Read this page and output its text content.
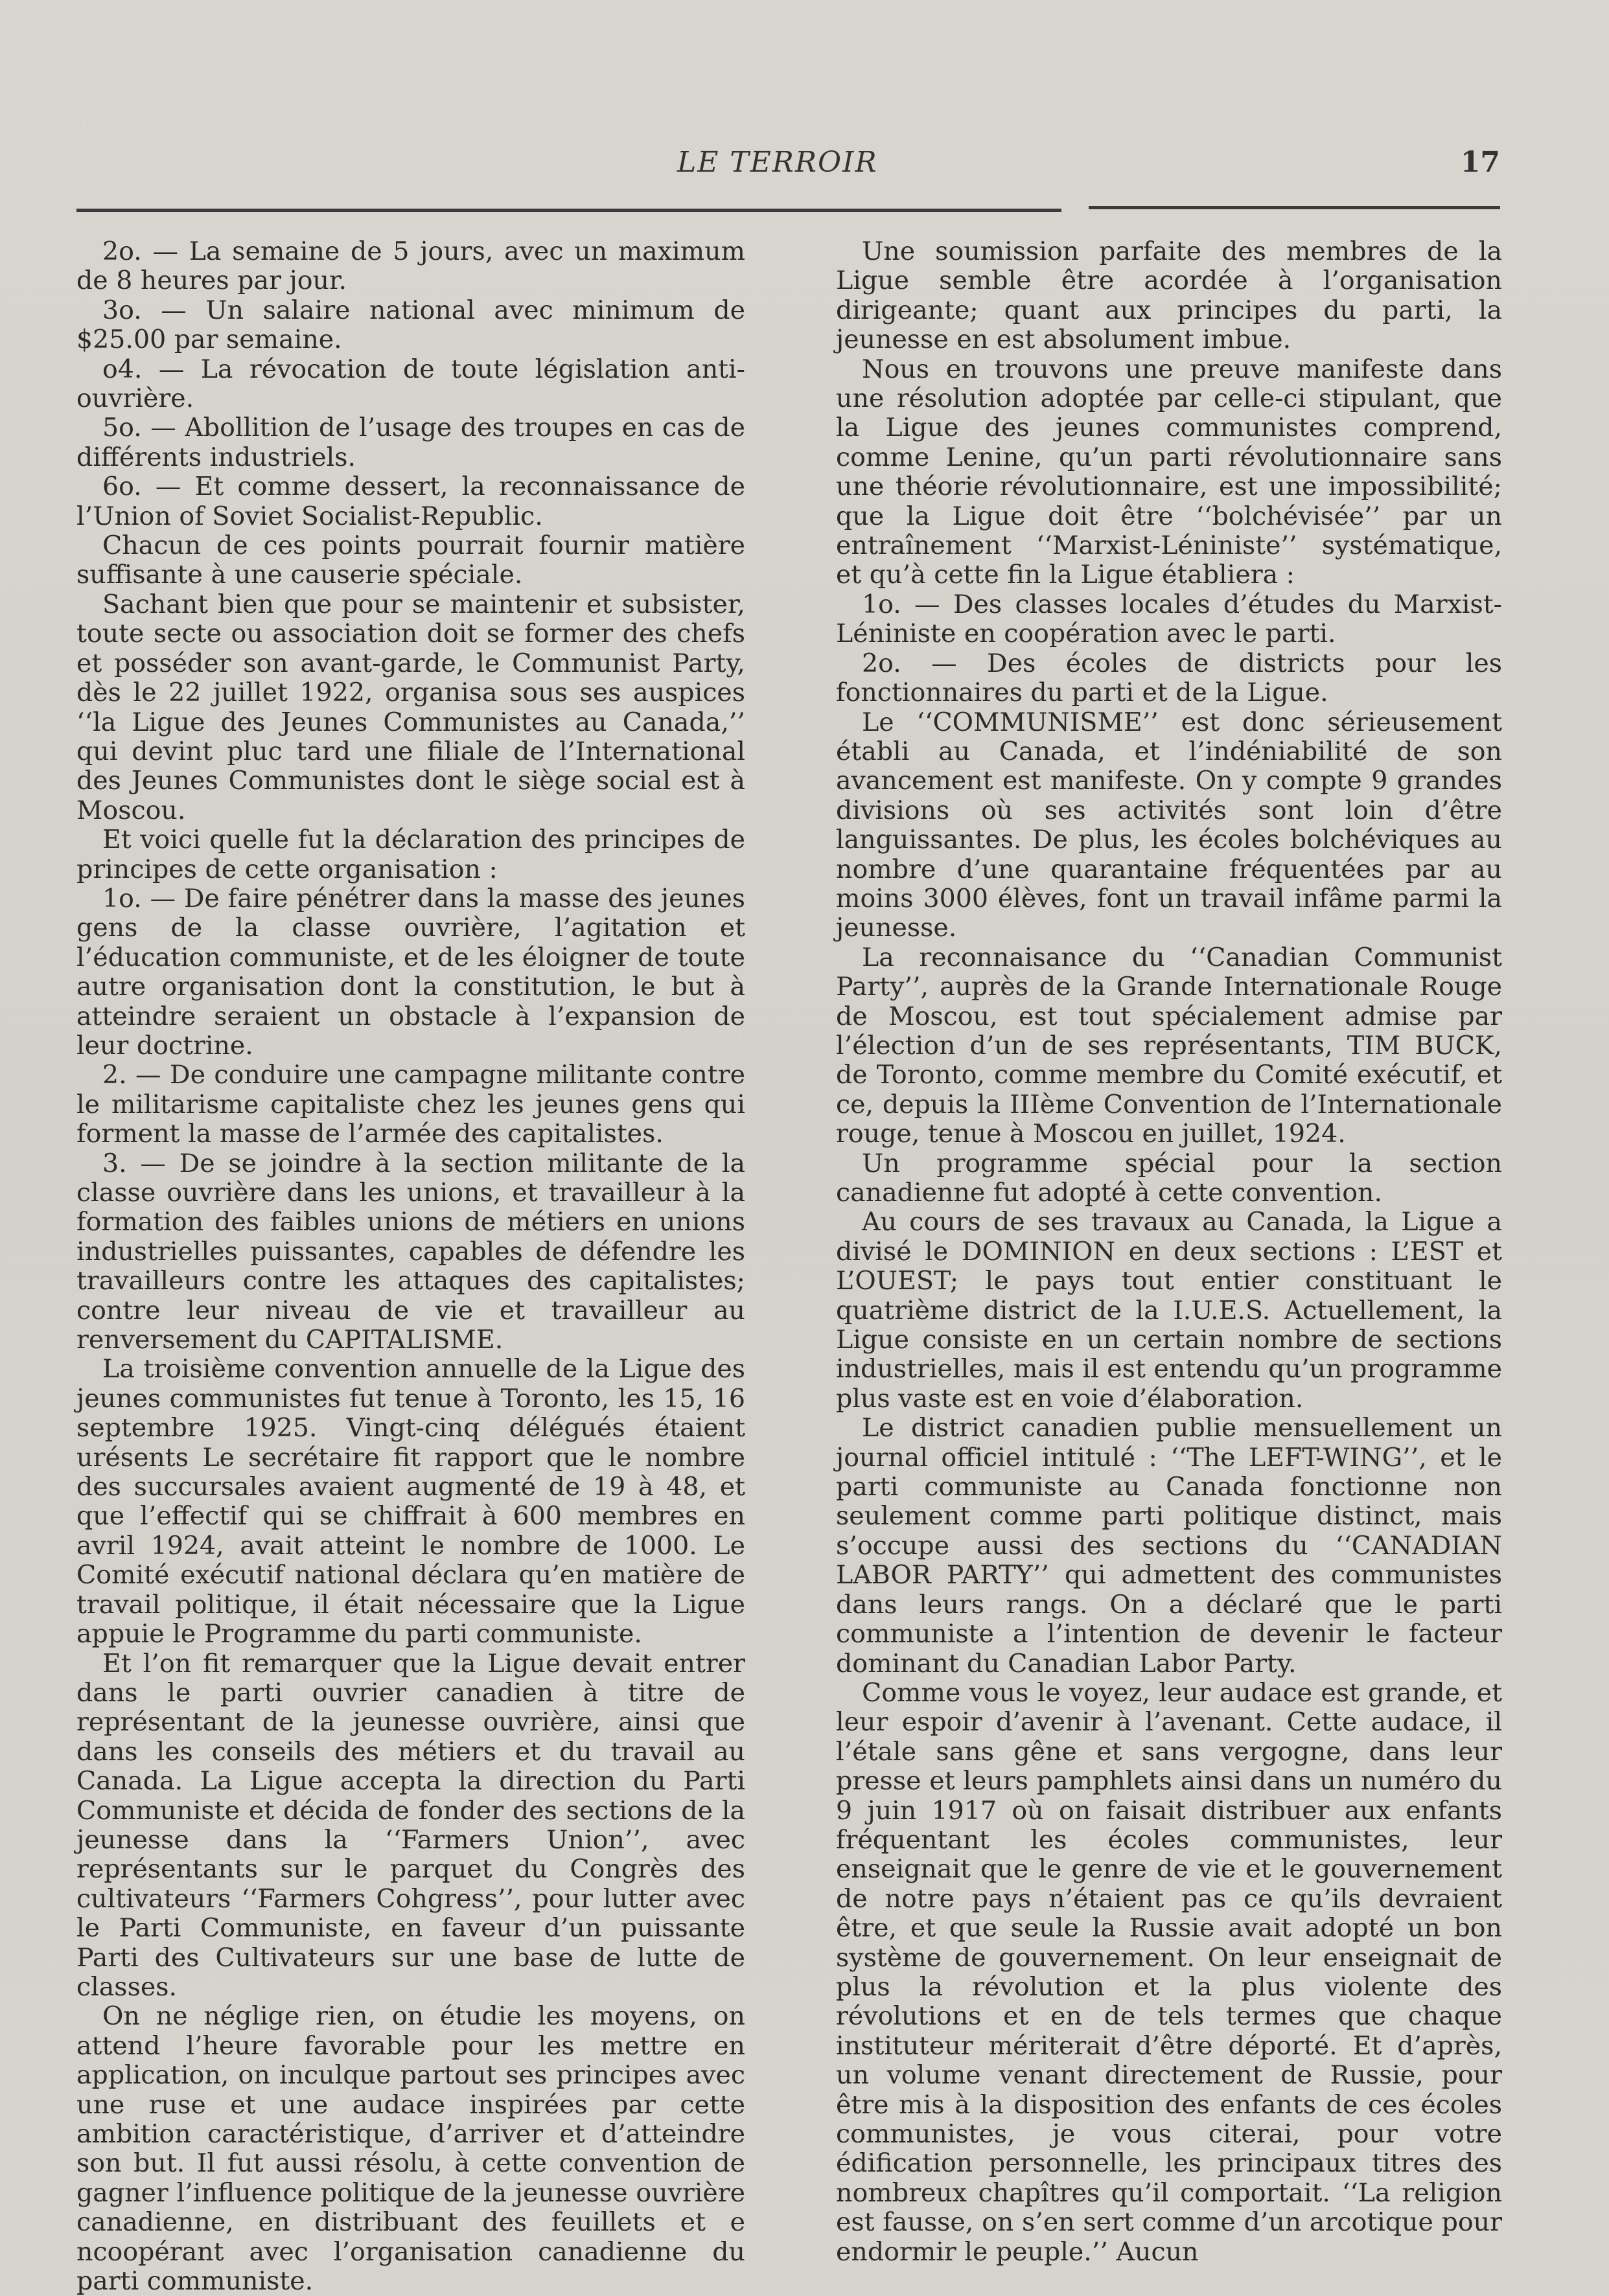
LE TERROIR	17

2o. — La semaine de 5 jours, avec un maximum de 8 heures par jour.

3o. — Un salaire national avec minimum de $25.00 par semaine.

o4. — La révocation de toute législation anti-ouvrière.

5o. — Abollition de l’usage des troupes en cas de différents industriels.

6o. — Et comme dessert, la reconnaissance de l’Union of Soviet Socialist-Republic.

Chacun de ces points pourrait fournir matière suffisante à une causerie spéciale.

Sachant bien que pour se maintenir et subsister, toute secte ou association doit se former des chefs et posséder son avant-garde, le Communist Party, dès le 22 juillet 1922, organisa sous ses auspices ‘‘la Ligue des Jeunes Communistes au Canada,’’ qui devint pluc tard une filiale de l’International des Jeunes Communistes dont le siège social est à Moscou.

Et voici quelle fut la déclaration des principes de principes de cette organisation :

1o. — De faire pénétrer dans la masse des jeunes gens de la classe ouvrière, l’agitation et l’éducation communiste, et de les éloigner de toute autre organisation dont la constitution, le but à atteindre seraient un obstacle à l’expansion de leur doctrine.

2. — De conduire une campagne militante contre le militarisme capitaliste chez les jeunes gens qui forment la masse de l’armée des capitalistes.

3. — De se joindre à la section militante de la classe ouvrière dans les unions, et travailleur à la formation des faibles unions de métiers en unions industrielles puissantes, capables de défendre les travailleurs contre les attaques des capitalistes; contre leur niveau de vie et travailleur au renversement du CAPITALISME.

La troisième convention annuelle de la Ligue des jeunes communistes fut tenue à Toronto, les 15, 16 septembre 1925. Vingt-cinq délégués étaient urésents Le secrétaire fit rapport que le nombre des succursales avaient augmenté de 19 à 48, et que l’effectif qui se chiffrait à 600 membres en avril 1924, avait atteint le nombre de 1000. Le Comité exécutif national déclara qu’en matière de travail politique, il était nécessaire que la Ligue appuie le Programme du parti communiste.

Et l’on fit remarquer que la Ligue devait entrer dans le parti ouvrier canadien à titre de représentant de la jeunesse ouvrière, ainsi que dans les conseils des métiers et du travail au Canada. La Ligue accepta la direction du Parti Communiste et décida de fonder des sections de la jeunesse dans la ‘‘Farmers Union’’, avec représentants sur le parquet du Congrès des cultivateurs ‘‘Farmers Cohgress’’, pour lutter avec le Parti Communiste, en faveur d’un puissante Parti des Cultivateurs sur une base de lutte de classes.

On ne néglige rien, on étudie les moyens, on attend l’heure favorable pour les mettre en application, on inculque partout ses principes avec une ruse et une audace inspirées par cette ambition caractéristique, d’arriver et d’atteindre son but. Il fut aussi résolu, à cette convention de gagner l’influence politique de la jeunesse ouvrière canadienne, en distribuant des feuillets et e ncoopérant avec l’organisation canadienne du parti communiste.

Une soumission parfaite des membres de la Ligue semble être acordée à l’organisation dirigeante; quant aux principes du parti, la jeunesse en est absolument imbue.

Nous en trouvons une preuve manifeste dans une résolution adoptée par celle-ci stipulant, que la Ligue des jeunes communistes comprend, comme Lenine, qu’un parti révolutionnaire sans une théorie révolutionnaire, est une impossibilité; que la Ligue doit être ‘‘bolchévisée’’ par un entraînement ‘‘Marxist-Léniniste’’ systématique, et qu’à cette fin la Ligue établiera :

1o. — Des classes locales d’études du Marxist-Léniniste en coopération avec le parti.

2o. — Des écoles de districts pour les fonctionnaires du parti et de la Ligue.

Le ‘‘COMMUNISME’’ est donc sérieusement établi au Canada, et l’indéniabilité de son avancement est manifeste. On y compte 9 grandes divisions où ses activités sont loin d’être languissantes. De plus, les écoles bolchéviques au nombre d’une quarantaine fréquentées par au moins 3000 élèves, font un travail infâme parmi la jeunesse.

La reconnaisance du ‘‘Canadian Communist Party’’, auprès de la Grande Internationale Rouge de Moscou, est tout spécialement admise par l’élection d’un de ses représentants, TIM BUCK, de Toronto, comme membre du Comité exécutif, et ce, depuis la IIIème Convention de l’Internationale rouge, tenue à Moscou en juillet, 1924.

Un programme spécial pour la section canadienne fut adopté à cette convention.

Au cours de ses travaux au Canada, la Ligue a divisé le DOMINION en deux sections : L’EST et L’OUEST; le pays tout entier constituant le quatrième district de la I.U.E.S. Actuellement, la Ligue consiste en un certain nombre de sections industrielles, mais il est entendu qu’un programme plus vaste est en voie d’élaboration.

Le district canadien publie mensuellement un journal officiel intitulé : ‘‘The LEFT-WING’’, et le parti communiste au Canada fonctionne non seulement comme parti politique distinct, mais s’occupe aussi des sections du ‘‘CANADIAN LABOR PARTY’’ qui admettent des communistes dans leurs rangs. On a déclaré que le parti communiste a l’intention de devenir le facteur dominant du Canadian Labor Party.

Comme vous le voyez, leur audace est grande, et leur espoir d’avenir à l’avenant. Cette audace, il l’étale sans gêne et sans vergogne, dans leur presse et leurs pamphlets ainsi dans un numéro du 9 juin 1917 où on faisait distribuer aux enfants fréquentant les écoles communistes, leur enseignait que le genre de vie et le gouvernement de notre pays n’étaient pas ce qu’ils devraient être, et que seule la Russie avait adopté un bon système de gouvernement. On leur enseignait de plus la révolution et la plus violente des révolutions et en de tels termes que chaque instituteur mériterait d’être déporté. Et d’après, un volume venant directement de Russie, pour être mis à la disposition des enfants de ces écoles communistes, je vous citerai, pour votre édification personnelle, les principaux titres des nombreux chapîtres qu’il comportait. ‘‘La religion est fausse, on s’en sert comme d’un arcotique pour endormir le peuple.’’ Aucun
